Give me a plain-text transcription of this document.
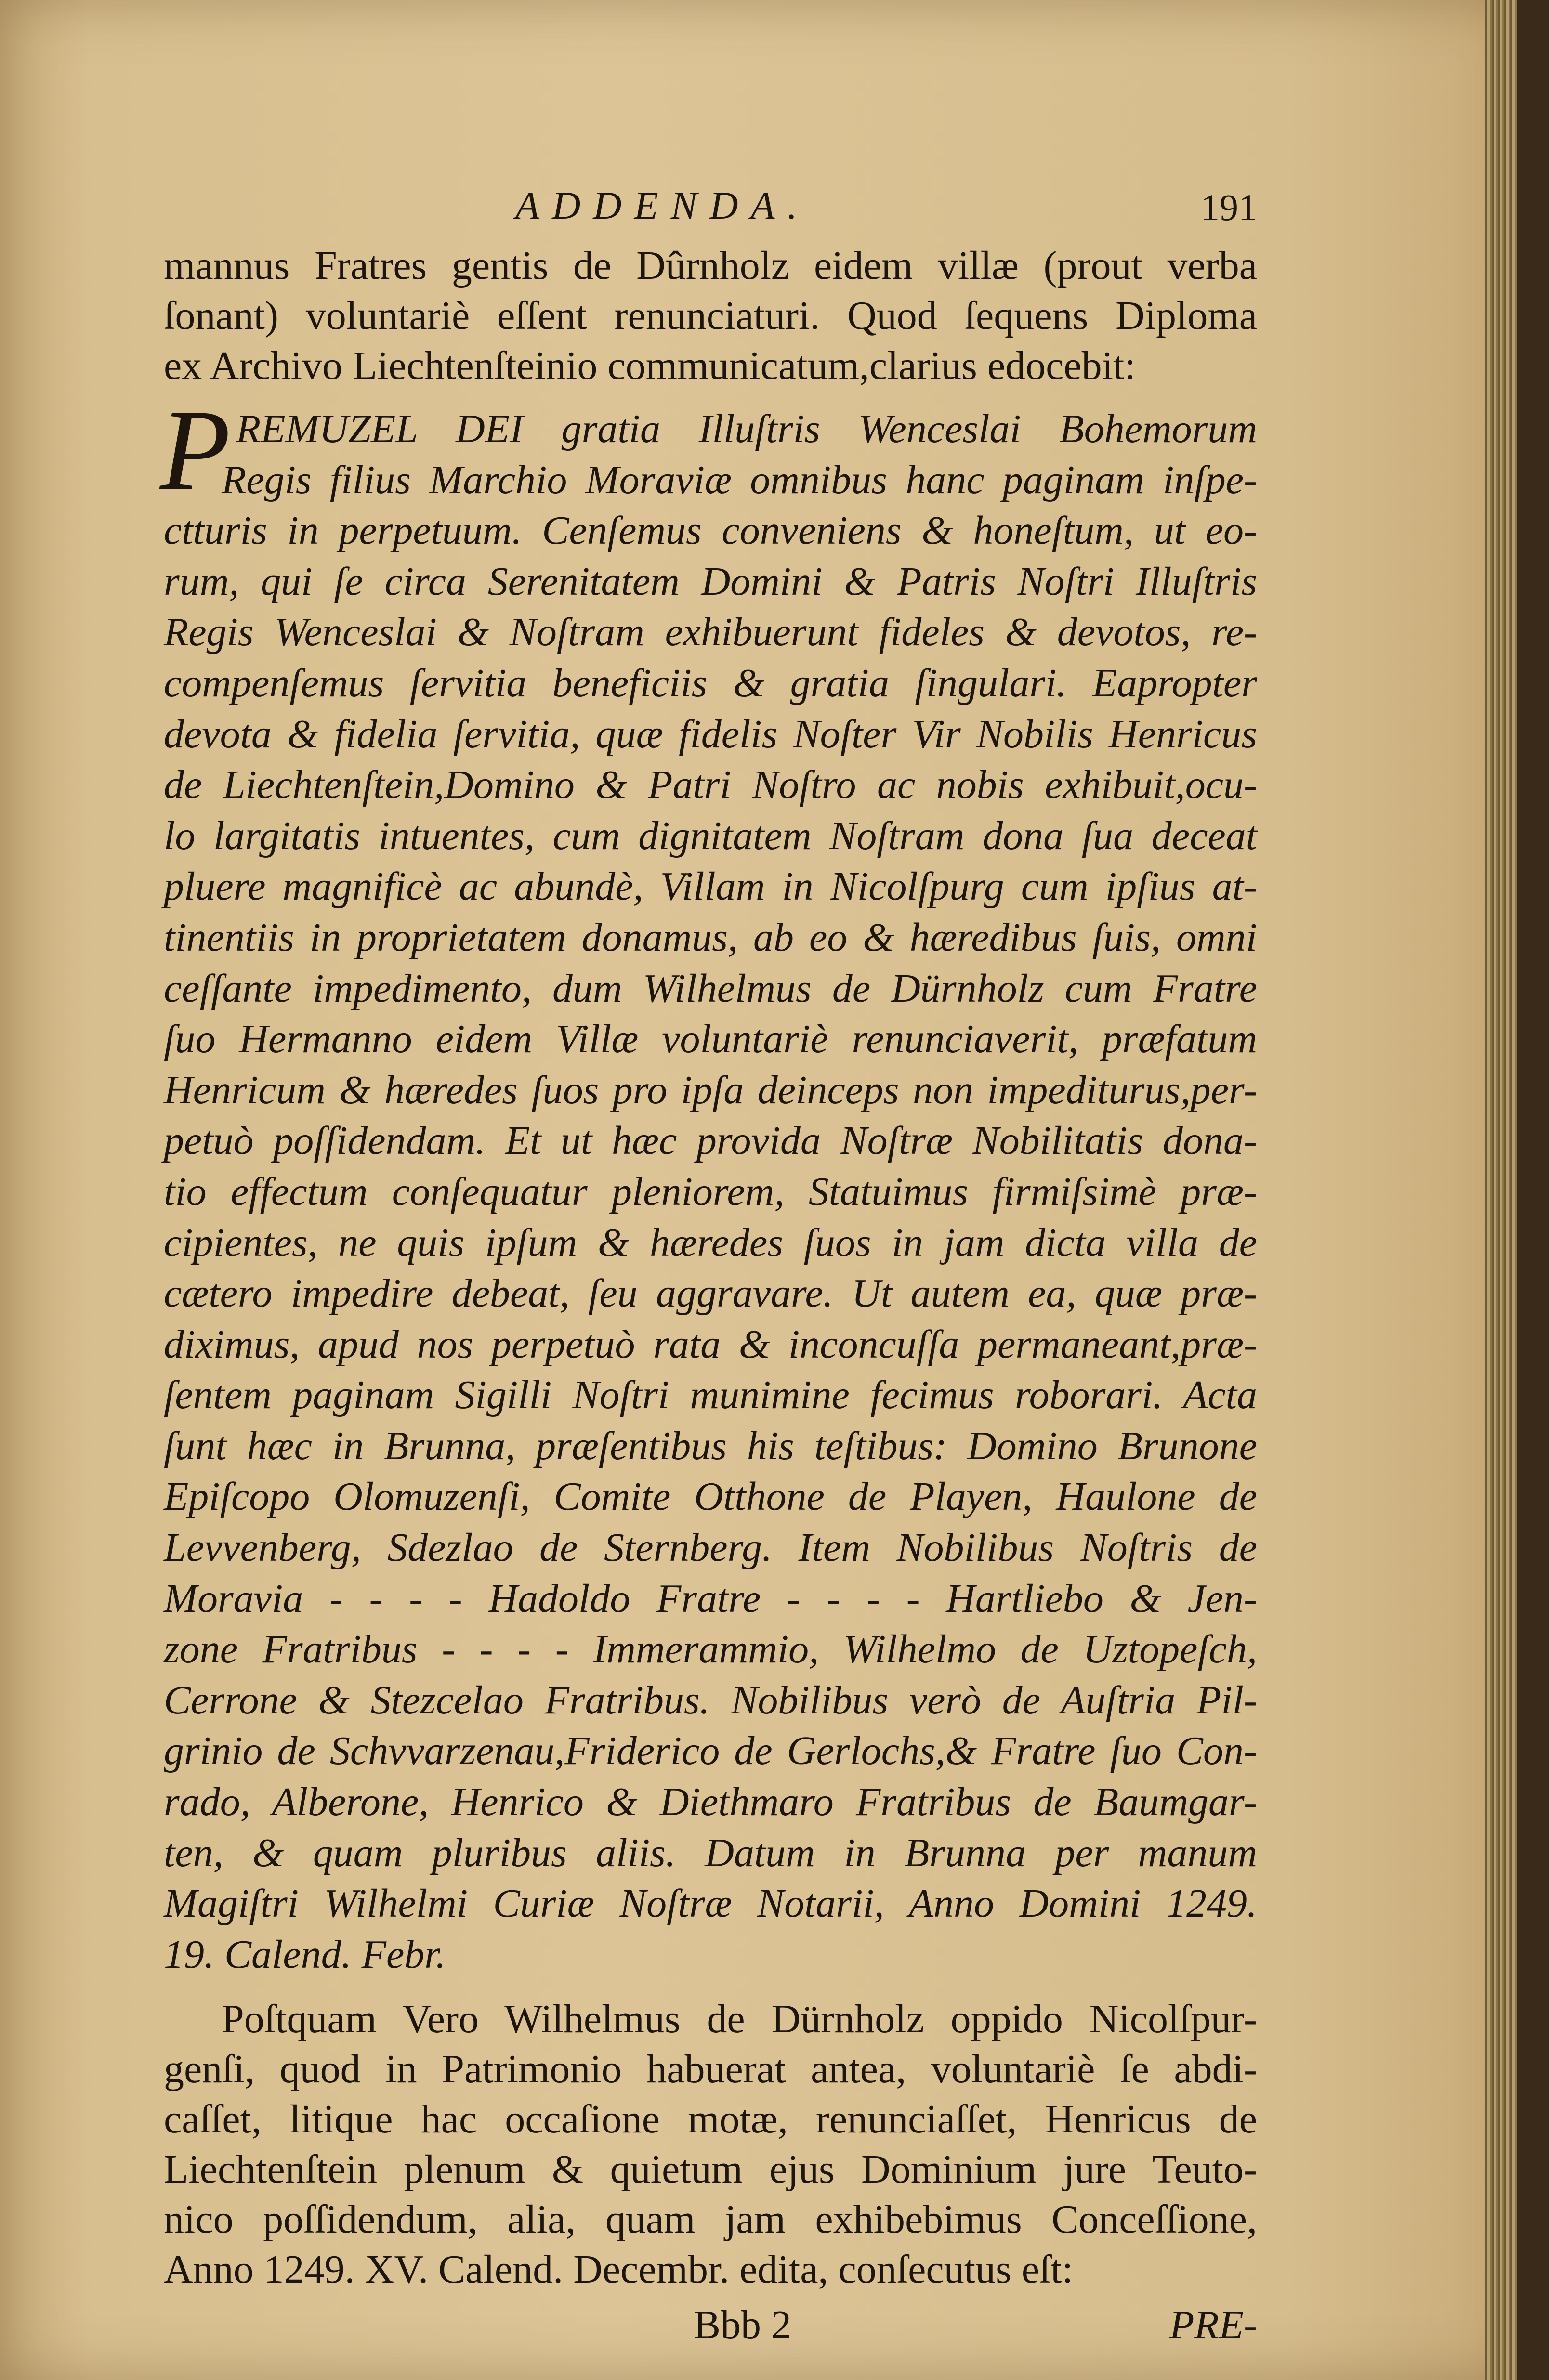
ADDENDA.	191
mannus Fratres gentis de Dûrnholz eidem villæ (prout verba
ſonant) voluntariè eſſent renunciaturi. Quod ſequens Diploma
ex Archivo Liechtenſteinio communicatum,clarius edocebit:
P REMUZEL DEI gratia Illuſtris Wenceslai Bohemorum
Regis filius Marchio Moraviæ omnibus hanc paginam inſpe-
ctturis in perpetuum. Cenſemus conveniens & honeſtum, ut eo-
rum, qui ſe circa Serenitatem Domini & Patris Noſtri Illuſtris
Regis Wenceslai & Noſtram exhibuerunt fideles & devotos, re-
compenſemus ſervitia beneficiis & gratia ſingulari. Eapropter
devota & fidelia ſervitia, quæ fidelis Noſter Vir Nobilis Henricus
de Liechtenſtein,Domino & Patri Noſtro ac nobis exhibuit,ocu-
lo largitatis intuentes, cum dignitatem Noſtram dona ſua deceat
pluere magnificè ac abundè, Villam in Nicolſpurg cum ipſius at-
tinentiis in proprietatem donamus, ab eo & hæredibus ſuis, omni
ceſſante impedimento, dum Wilhelmus de Dürnholz cum Fratre
ſuo Hermanno eidem Villæ voluntariè renunciaverit, præfatum
Henricum & hæredes ſuos pro ipſa deinceps non impediturus,per-
petuò poſſidendam. Et ut hæc provida Noſtræ Nobilitatis dona-
tio effectum conſequatur pleniorem, Statuimus firmiſsimè præ-
cipientes, ne quis ipſum & hæredes ſuos in jam dicta villa de
cætero impedire debeat, ſeu aggravare. Ut autem ea, quæ præ-
diximus, apud nos perpetuò rata & inconcuſſa permaneant,præ-
ſentem paginam Sigilli Noſtri munimine fecimus roborari. Acta
ſunt hæc in Brunna, præſentibus his teſtibus: Domino Brunone
Epiſcopo Olomuzenſi, Comite Otthone de Playen, Haulone de
Levvenberg, Sdezlao de Sternberg. Item Nobilibus Noſtris de
Moravia - - - - Hadoldo Fratre - - - - Hartliebo & Jen-
zone Fratribus - - - - Immerammio, Wilhelmo de Uztopeſch,
Cerrone & Stezcelao Fratribus. Nobilibus verò de Auſtria Pil-
grinio de Schvvarzenau,Friderico de Gerlochs,& Fratre ſuo Con-
rado, Alberone, Henrico & Diethmaro Fratribus de Baumgar-
ten, & quam pluribus aliis. Datum in Brunna per manum
Magiſtri Wilhelmi Curiæ Noſtræ Notarii, Anno Domini 1249.
19. Calend. Febr.
Poſtquam Vero Wilhelmus de Dürnholz oppido Nicolſpur-
genſi, quod in Patrimonio habuerat antea, voluntariè ſe abdi-
caſſet, litique hac occaſione motæ, renunciaſſet, Henricus de
Liechtenſtein plenum & quietum ejus Dominium jure Teuto-
nico poſſidendum, alia, quam jam exhibebimus Conceſſione,
Anno 1249. XV. Calend. Decembr. edita, conſecutus eſt:
Bbb 2	PRE-
